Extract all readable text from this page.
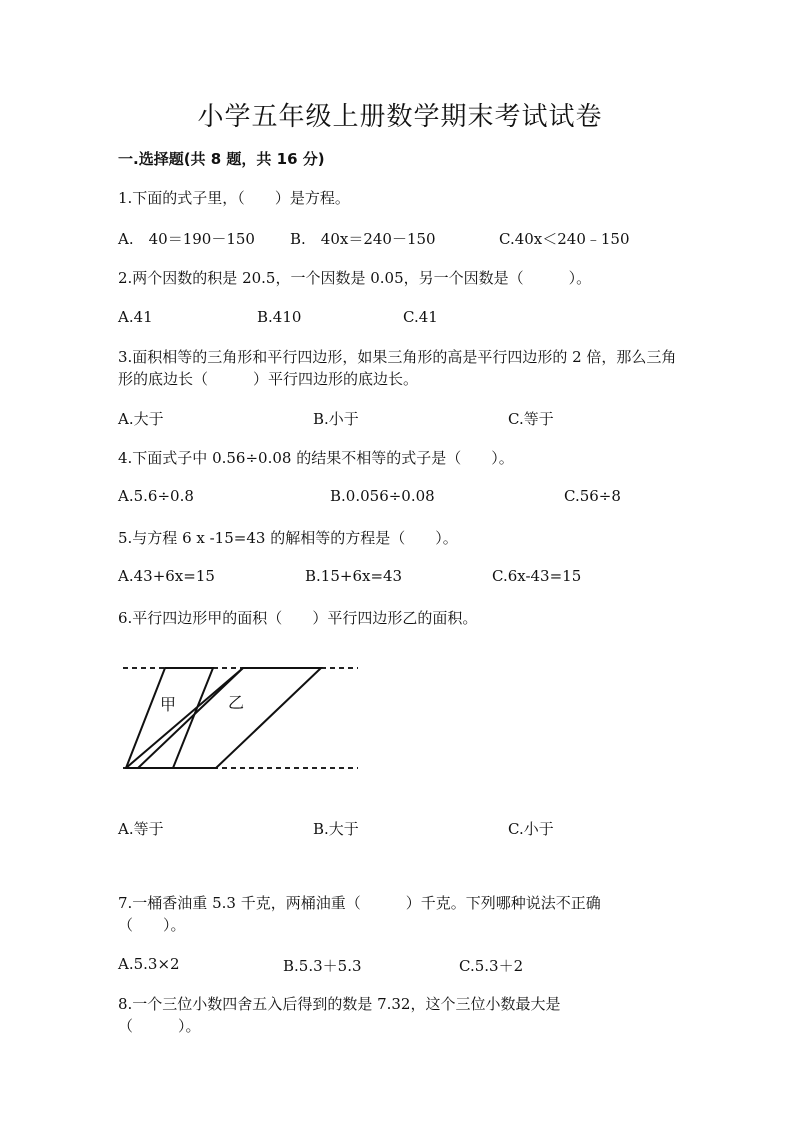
小学五年级上册数学期末考试试卷
一.选择题(共 8 题，共 16 分)
1.下面的式子里，（　　）是方程。
A.　40＝190－150 B.　40x＝240－150	C.40x＜240﹣150
2.两个因数的积是 20.5，一个因数是 0.05，另一个因数是（　　　）。
A.41	B.410	C.41
3.面积相等的三角形和平行四边形，如果三角形的高是平行四边形的 2 倍，那么三角形的底边长（　　　）平行四边形的底边长。
A.大于	B.小于	C.等于
4.下面式子中 0.56÷0.08 的结果不相等的式子是（　　）。
A.5.6÷0.8	B.0.056÷0.08	C.56÷8
5.与方程 6 x -15=43 的解相等的方程是（　　）。
A.43+6x=15	B.15+6x=43	C.6x-43=15
6.平行四边形甲的面积（　　）平行四边形乙的面积。
甲	乙
A.等于	B.大于	C.小于
7.一桶香油重 5.3 千克，两桶油重（　　　）千克。下列哪种说法不正确（　　）。
A.5.3×2	B.5.3＋5.3	C.5.3＋2
8.一个三位小数四舍五入后得到的数是 7.32，这个三位小数最大是（　　　）。
